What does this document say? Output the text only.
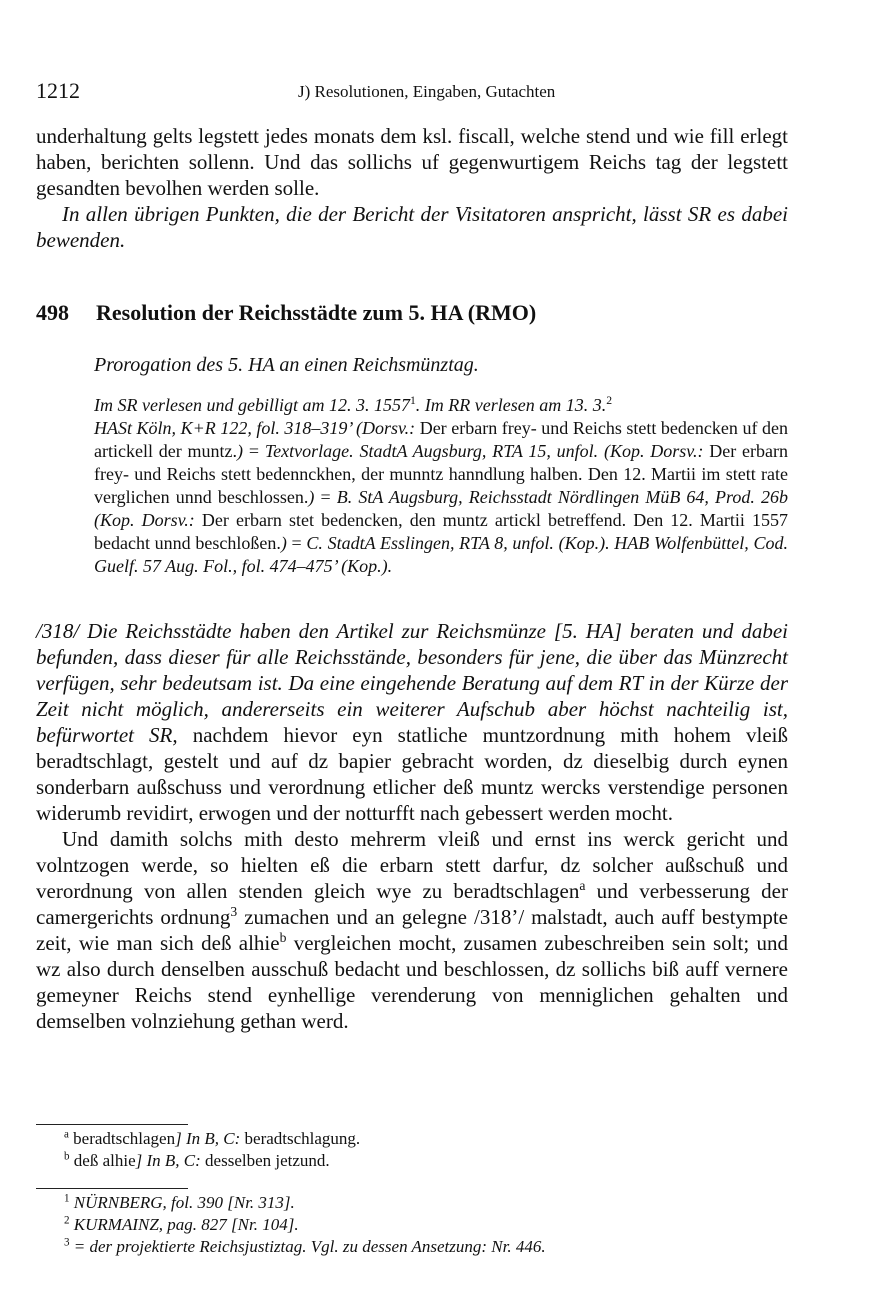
1212	J) Resolutionen, Eingaben, Gutachten

underhaltung gelts legstett jedes monats dem ksl. fiscall, welche stend und wie fill erlegt haben, berichten sollenn. Und das sollichs uf gegenwurtigem Reichs tag der legstett gesandten bevolhen werden solle.

In allen übrigen Punkten, die der Bericht der Visitatoren anspricht, lässt SR es dabei bewenden.

498 Resolution der Reichsstädte zum 5. HA (RMO)

Prorogation des 5. HA an einen Reichsmünztag.

Im SR verlesen und gebilligt am 12. 3. 1557$^1$. Im RR verlesen am 13. 3.$^2$
HASt Köln, K+R 122, fol. 318–319’ (Dorsv.: Der erbarn frey- und Reichs stett bedencken uf den artickell der muntz.) = Textvorlage. StadtA Augsburg, RTA 15, unfol. (Kop. Dorsv.: Der erbarn frey- und Reichs stett bedennckhen, der munntz hanndlung halben. Den 12. Martii im stett rate verglichen unnd beschlossen.) = B. StA Augsburg, Reichsstadt Nördlingen MüB 64, Prod. 26b (Kop. Dorsv.: Der erbarn stet bedencken, den muntz artickl betreffend. Den 12. Martii 1557 bedacht unnd beschloßen.) = C. StadtA Esslingen, RTA 8, unfol. (Kop.). HAB Wolfenbüttel, Cod. Guelf. 57 Aug. Fol., fol. 474–475’ (Kop.).

/318/ Die Reichsstädte haben den Artikel zur Reichsmünze [5. HA] beraten und dabei befunden, dass dieser für alle Reichsstände, besonders für jene, die über das Münzrecht verfügen, sehr bedeutsam ist. Da eine eingehende Beratung auf dem RT in der Kürze der Zeit nicht möglich, andererseits ein weiterer Aufschub aber höchst nachteilig ist, befürwortet SR, nachdem hievor eyn statliche muntzordnung mith hohem vleiß beradtschlagt, gestelt und auf dz bapier gebracht worden, dz dieselbig durch eynen sonderbarn außschuss und verordnung etlicher deß muntz wercks verstendige personen widerumb revidirt, erwogen und der notturfft nach gebessert werden mocht.

Und damith solchs mith desto mehrerm vleiß und ernst ins werck gericht und volntzogen werde, so hielten eß die erbarn stett darfur, dz solcher außschuß und verordnung von allen stenden gleich wye zu beradtschlagen$^a$ und verbesserung der camergerichts ordnung$^3$ zumachen und an gelegne /318’/ malstadt, auch auff bestympte zeit, wie man sich deß alhie$^b$ vergleichen mocht, zusamen zubeschreiben sein solt; und wz also durch denselben ausschuß bedacht und beschlossen, dz sollichs biß auff vernere gemeyner Reichs stend eynhellige verenderung von menniglichen gehalten und demselben volnziehung gethan werd.

$^a$ beradtschlagen] In B, C: beradtschlagung.

$^b$ deß alhie] In B, C: desselben jetzund.

$^1$ NÜRNBERG, fol. 390 [Nr. 313].

$^2$ KURMAINZ, pag. 827 [Nr. 104].

$^3$ = der projektierte Reichsjustiztag. Vgl. zu dessen Ansetzung: Nr. 446.
